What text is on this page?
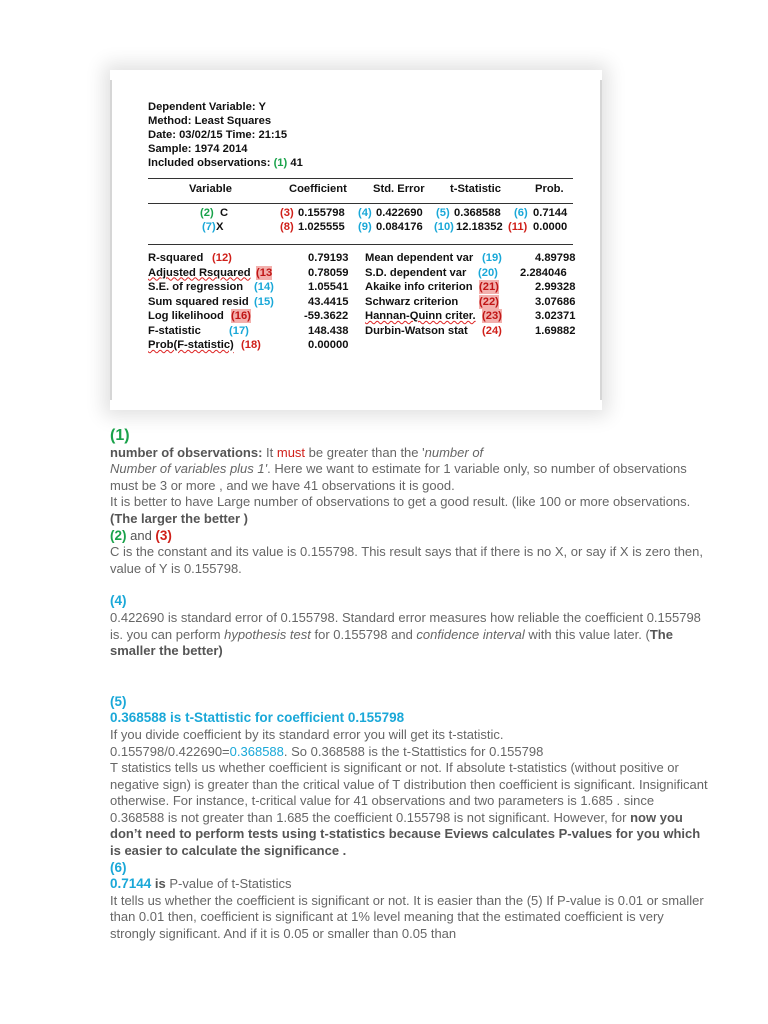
Dependent Variable: Y
Method: Least Squares
Date: 03/02/15 Time: 21:15
Sample: 1974 2014
Included observations: (1) 41
Variable	Coefficient Std. Error t-Statistic	Prob.
(2) C	(3) 0.155798 (4) 0.422690 (5) 0.368588 (6) 0.7144
(7) X	(8) 1.025555 (9) 0.084176 (10) 12.18352 (11) 0.0000
R-squared (12)	0.79193 Mean dependent var (19)	4.89798
Adjusted Rsquared (13	0.78059 S.D. dependent var (20) 2.284046
S.E. of regression (14)	1.05541 Akaike info criterion (21)	2.99328
Sum squared resid (15)	43.4415 Schwarz criterion (22)	3.07686
Log likelihood (16)	-59.3622 Hannan-Quinn criter. (23)	3.02371
F-statistic	(17)	148.438 Durbin-Watson stat (24)	1.69882
Prob(F-statistic) (18)	0.00000

(1)

number of observations: It must be greater than the 'number of
Number of variables plus 1'. Here we want to estimate for 1 variable only, so number of observations must be 3 or more , and we have 41 observations it is good.
It is better to have Large number of observations to get a good result. (like 100 or more observations. (The larger the better )

(2) and (3)

C is the constant and its value is 0.155798. This result says that if there is no X, or say if X is zero then, value of Y is 0.155798.

(4)

0.422690 is standard error of 0.155798. Standard error measures how reliable the coefficient 0.155798 is. you can perform hypothesis test for 0.155798 and confidence interval with this value later. (The smaller the better)

(5)

0.368588 is t-Stattistic for coefficient 0.155798

If you divide coefficient by its standard error you will get its t-statistic.
0.155798/0.422690=0.368588. So 0.368588 is the t-Stattistics for 0.155798
T statistics tells us whether coefficient is significant or not. If absolute t-statistics (without positive or negative sign) is greater than the critical value of T distribution then coefficient is significant. Insignificant otherwise. For instance, t-critical value for 41 observations and two parameters is 1.685 . since 0.368588 is not greater than 1.685 the coefficient 0.155798 is not significant. However, for now you don’t need to perform tests using t-statistics because Eviews calculates P-values for you which is easier to calculate the significance .

(6)

0.7144 is P-value of t-Statistics

It tells us whether the coefficient is significant or not. It is easier than the (5) If P-value is 0.01 or smaller than 0.01 then, coefficient is significant at 1% level meaning that the estimated coefficient is very strongly significant. And if it is 0.05 or smaller than 0.05 than
